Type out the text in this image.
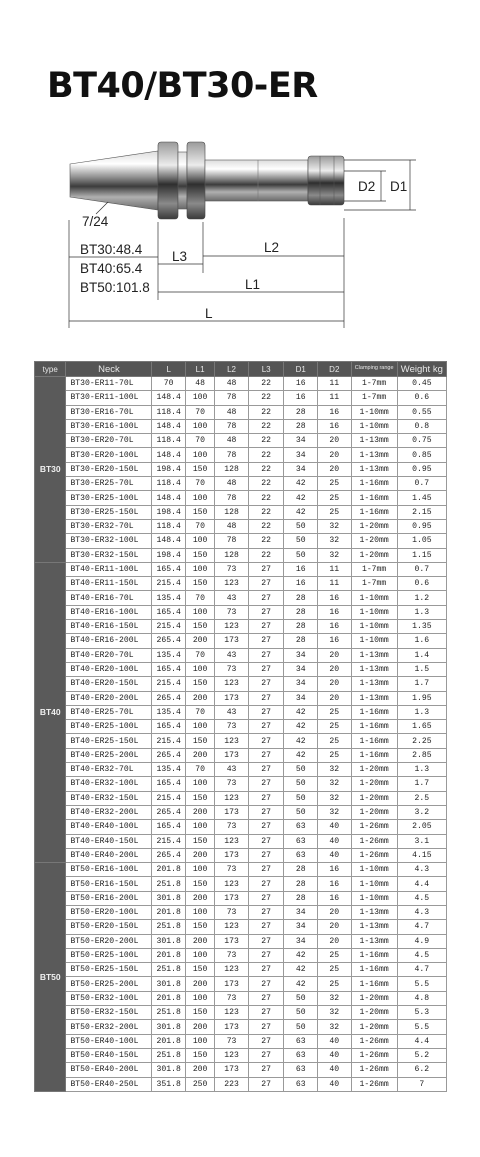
BT40/BT30-ER
7/24
D2 D1
BT30:48.4
BT40:65.4
BT50:101.8
L3
L2
L1
L
type	Neck	L	L1	L2	L3	D1	D2	Clamping range	Weight kg
BT30	BT30-ER11-70L	70	48	48	22	16	11	1-7mm	0.45
	BT30-ER11-100L	148.4	100	78	22	16	11	1-7mm	0.6
	BT30-ER16-70L	118.4	70	48	22	28	16	1-10mm	0.55
	BT30-ER16-100L	148.4	100	78	22	28	16	1-10mm	0.8
	BT30-ER20-70L	118.4	70	48	22	34	20	1-13mm	0.75
	BT30-ER20-100L	148.4	100	78	22	34	20	1-13mm	0.85
	BT30-ER20-150L	198.4	150	128	22	34	20	1-13mm	0.95
	BT30-ER25-70L	118.4	70	48	22	42	25	1-16mm	0.7
	BT30-ER25-100L	148.4	100	78	22	42	25	1-16mm	1.45
	BT30-ER25-150L	198.4	150	128	22	42	25	1-16mm	2.15
	BT30-ER32-70L	118.4	70	48	22	50	32	1-20mm	0.95
	BT30-ER32-100L	148.4	100	78	22	50	32	1-20mm	1.05
	BT30-ER32-150L	198.4	150	128	22	50	32	1-20mm	1.15
BT40	BT40-ER11-100L	165.4	100	73	27	16	11	1-7mm	0.7
	BT40-ER11-150L	215.4	150	123	27	16	11	1-7mm	0.6
	BT40-ER16-70L	135.4	70	43	27	28	16	1-10mm	1.2
	BT40-ER16-100L	165.4	100	73	27	28	16	1-10mm	1.3
	BT40-ER16-150L	215.4	150	123	27	28	16	1-10mm	1.35
	BT40-ER16-200L	265.4	200	173	27	28	16	1-10mm	1.6
	BT40-ER20-70L	135.4	70	43	27	34	20	1-13mm	1.4
	BT40-ER20-100L	165.4	100	73	27	34	20	1-13mm	1.5
	BT40-ER20-150L	215.4	150	123	27	34	20	1-13mm	1.7
	BT40-ER20-200L	265.4	200	173	27	34	20	1-13mm	1.95
	BT40-ER25-70L	135.4	70	43	27	42	25	1-16mm	1.3
	BT40-ER25-100L	165.4	100	73	27	42	25	1-16mm	1.65
	BT40-ER25-150L	215.4	150	123	27	42	25	1-16mm	2.25
	BT40-ER25-200L	265.4	200	173	27	42	25	1-16mm	2.85
	BT40-ER32-70L	135.4	70	43	27	50	32	1-20mm	1.3
	BT40-ER32-100L	165.4	100	73	27	50	32	1-20mm	1.7
	BT40-ER32-150L	215.4	150	123	27	50	32	1-20mm	2.5
	BT40-ER32-200L	265.4	200	173	27	50	32	1-20mm	3.2
	BT40-ER40-100L	165.4	100	73	27	63	40	1-26mm	2.05
	BT40-ER40-150L	215.4	150	123	27	63	40	1-26mm	3.1
	BT40-ER40-200L	265.4	200	173	27	63	40	1-26mm	4.15
BT50	BT50-ER16-100L	201.8	100	73	27	28	16	1-10mm	4.3
	BT50-ER16-150L	251.8	150	123	27	28	16	1-10mm	4.4
	BT50-ER16-200L	301.8	200	173	27	28	16	1-10mm	4.5
	BT50-ER20-100L	201.8	100	73	27	34	20	1-13mm	4.3
	BT50-ER20-150L	251.8	150	123	27	34	20	1-13mm	4.7
	BT50-ER20-200L	301.8	200	173	27	34	20	1-13mm	4.9
	BT50-ER25-100L	201.8	100	73	27	42	25	1-16mm	4.5
	BT50-ER25-150L	251.8	150	123	27	42	25	1-16mm	4.7
	BT50-ER25-200L	301.8	200	173	27	42	25	1-16mm	5.5
	BT50-ER32-100L	201.8	100	73	27	50	32	1-20mm	4.8
	BT50-ER32-150L	251.8	150	123	27	50	32	1-20mm	5.3
	BT50-ER32-200L	301.8	200	173	27	50	32	1-20mm	5.5
	BT50-ER40-100L	201.8	100	73	27	63	40	1-26mm	4.4
	BT50-ER40-150L	251.8	150	123	27	63	40	1-26mm	5.2
	BT50-ER40-200L	301.8	200	173	27	63	40	1-26mm	6.2
	BT50-ER40-250L	351.8	250	223	27	63	40	1-26mm	7
